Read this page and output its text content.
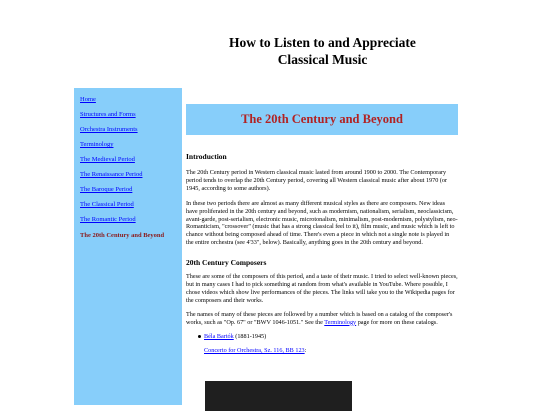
How to Listen to and Appreciate
Classical Music
Home
Structures and Forms
Orchestra Instruments
Terminology
The Medieval Period
The Renaissance Period
The Baroque Period
The Classical Period
The Romantic Period
The 20th Century and Beyond
The 20th Century and Beyond
Introduction

The 20th Century period in Western classical music lasted from around 1900 to 2000. The Contemporary period tends to overlap the 20th Century period, covering all Western classical music after about 1970 (or 1945, according to some authors).

In these two periods there are almost as many different musical styles as there are composers. New ideas have proliferated in the 20th century and beyond, such as modernism, nationalism, serialism, neoclassicism, avant-garde, post-serialism, electronic music, microtonalism, minimalism, post-modernism, polystylism, neo-Romanticism, "crossover" (music that has a strong classical feel to it), film music, and music which is left to chance without being composed ahead of time. There's even a piece in which not a single note is played in the entire orchestra (see 4'33", below). Basically, anything goes in the 20th century and beyond.

20th Century Composers

These are some of the composers of this period, and a taste of their music. I tried to select well-known pieces, but in many cases I had to pick something at random from what's available in YouTube. Where possible, I chose videos which show live performances of the pieces. The links will take you to the Wikipedia pages for the composers and their works.

The names of many of these pieces are followed by a number which is based on a catalog of the composer's works, such as "Op. 67" or "BWV 1046-1051." See the Terminology page for more on these catalogs.

Béla Bartók (1881-1945)

Concerto for Orchestra, Sz. 116, BB 123:
